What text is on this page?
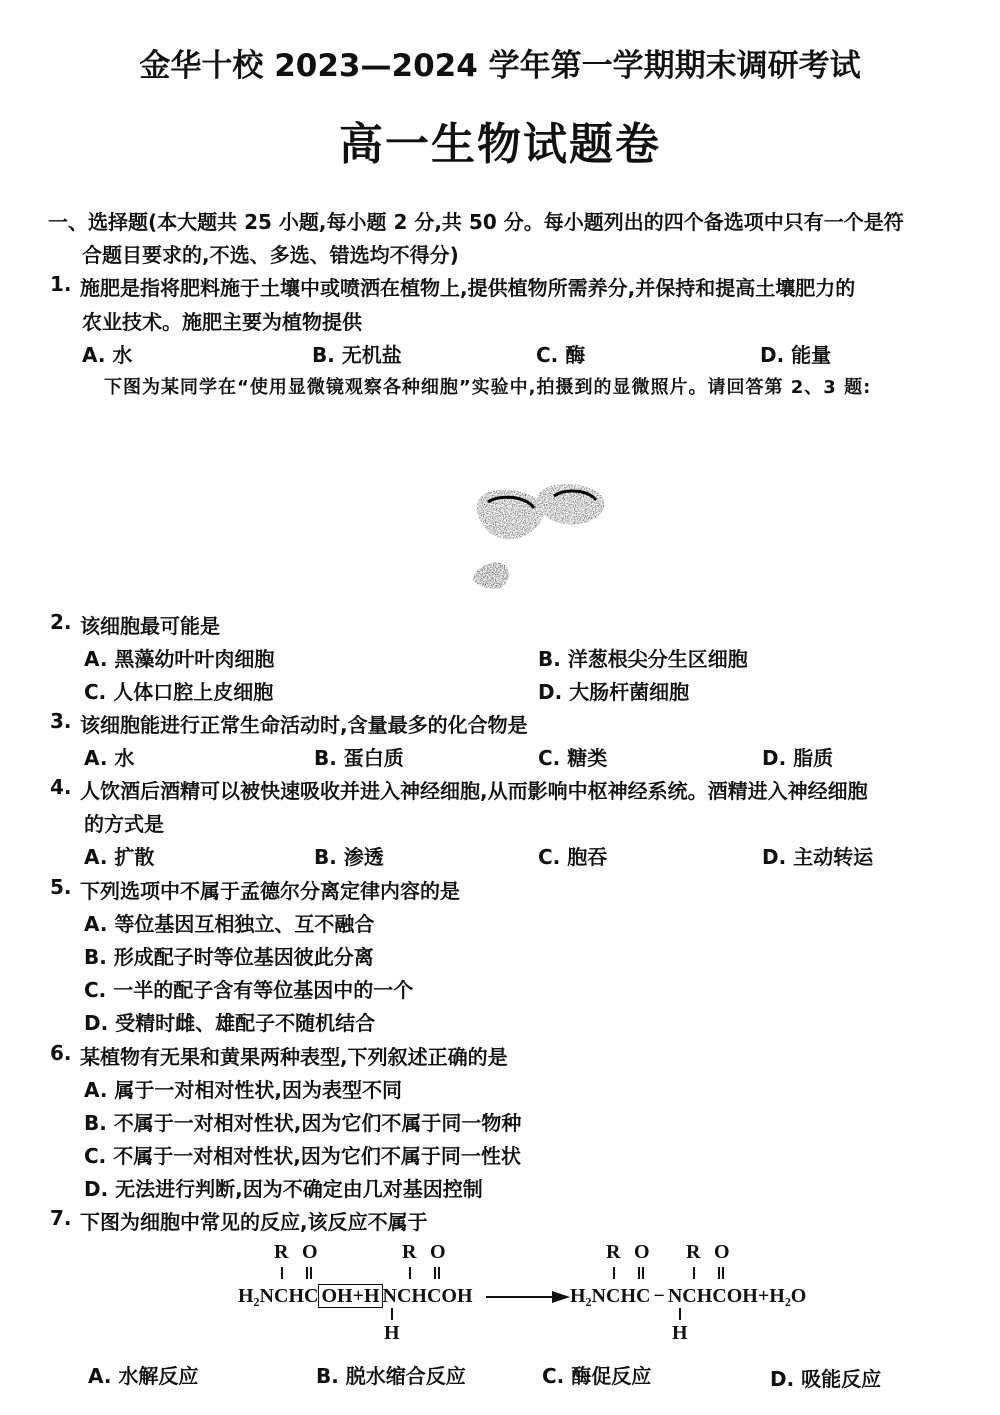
金华十校 2023—2024 学年第一学期期末调研考试
高一生物试题卷
一、选择题(本大题共 25 小题,每小题 2 分,共 50 分。每小题列出的四个备选项中只有一个是符
合题目要求的,不选、多选、错选均不得分)
1. 施肥是指将肥料施于土壤中或喷洒在植物上,提供植物所需养分,并保持和提高土壤肥力的
农业技术。施肥主要为植物提供
A. 水	B. 无机盐	C. 酶	D. 能量
下图为某同学在“使用显微镜观察各种细胞”实验中,拍摄到的显微照片。请回答第 2、3 题:
2. 该细胞最可能是
A. 黑藻幼叶叶肉细胞	B. 洋葱根尖分生区细胞
C. 人体口腔上皮细胞	D. 大肠杆菌细胞
3. 该细胞能进行正常生命活动时,含量最多的化合物是
A. 水	B. 蛋白质	C. 糖类	D. 脂质
4. 人饮酒后酒精可以被快速吸收并进入神经细胞,从而影响中枢神经系统。酒精进入神经细胞
的方式是
A. 扩散	B. 渗透	C. 胞吞	D. 主动转运
5. 下列选项中不属于孟德尔分离定律内容的是
A. 等位基因互相独立、互不融合
B. 形成配子时等位基因彼此分离
C. 一半的配子含有等位基因中的一个
D. 受精时雌、雄配子不随机结合
6. 某植物有无果和黄果两种表型,下列叙述正确的是
A. 属于一对相对性状,因为表型不同
B. 不属于一对相对性状,因为它们不属于同一物种
C. 不属于一对相对性状,因为它们不属于同一性状
D. 无法进行判断,因为不确定由几对基因控制
7. 下图为细胞中常见的反应,该反应不属于
R O	R O
H₂NCHC OH+H NCHCOH
H
R O R O
H₂NCHC − NCHCOH+H₂O
H
A. 水解反应	B. 脱水缩合反应	C. 酶促反应	D. 吸能反应
